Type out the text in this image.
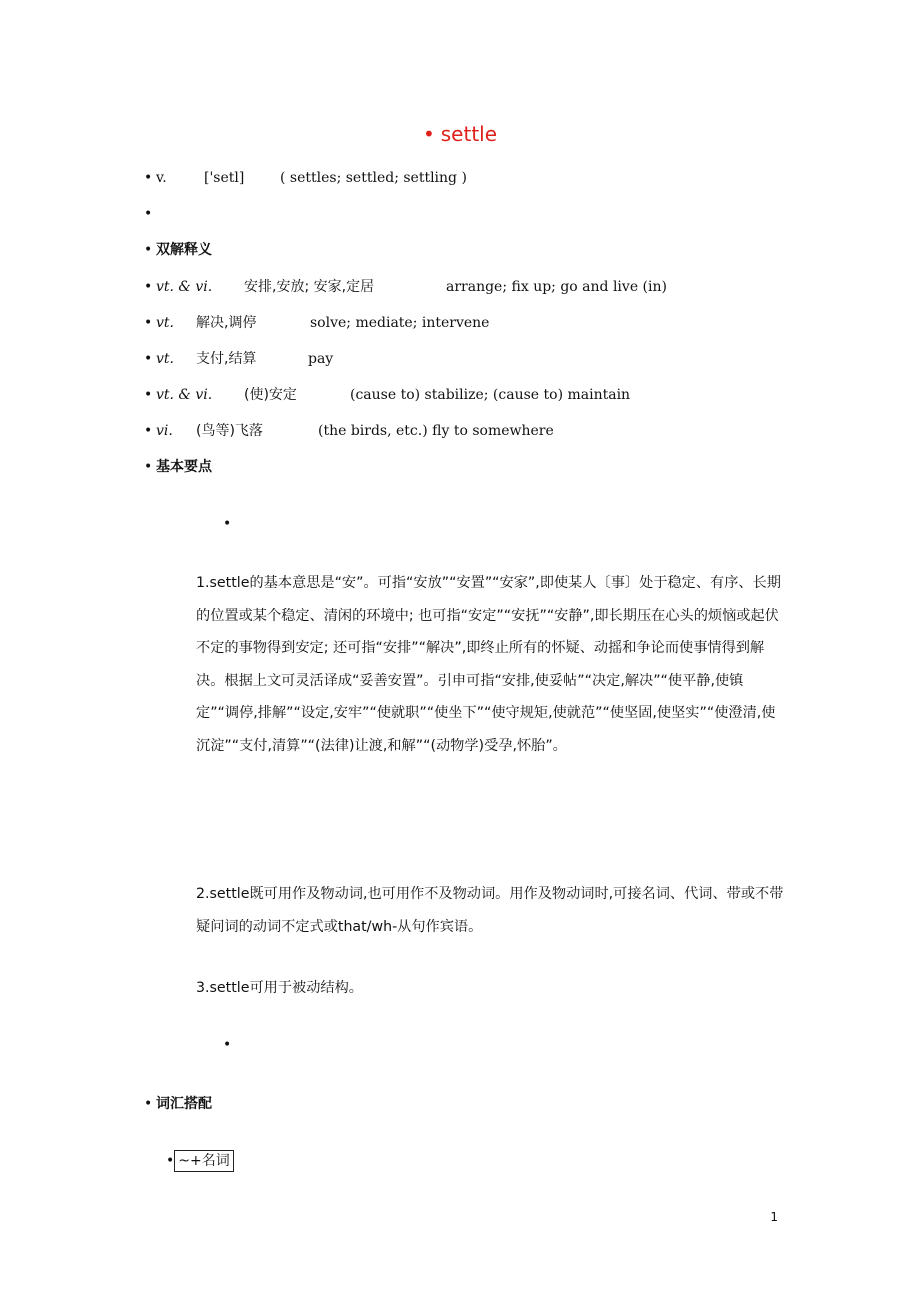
• settle
• v.	['setl]	( settles; settled; settling )
•
• 双解释义
• vt. & vi. 安排,安放; 安家,定居	arrange; fix up; go and live (in)
• vt. 解决,调停	solve; mediate; intervene
• vt. 支付,结算	pay
• vt. & vi. (使)安定	(cause to) stabilize; (cause to) maintain
• vi. (鸟等)飞落	(the birds, etc.) fly to somewhere
• 基本要点
•
1.settle的基本意思是“安”。可指“安放”“安置”“安家”,即使某人〔事〕处于稳定、有序、长期的位置或某个稳定、清闲的环境中; 也可指“安定”“安抚”“安静”,即长期压在心头的烦恼或起伏不定的事物得到安定; 还可指“安排”“解决”,即终止所有的怀疑、动摇和争论而使事情得到解决。根据上文可灵活译成“妥善安置”。引申可指“安排,使妥帖”“决定,解决”“使平静,使镇定”“调停,排解”“设定,安牢”“使就职”“使坐下”“使守规矩,使就范”“使坚固,使坚实”“使澄清,使沉淀”“支付,清算”“(法律)让渡,和解”“(动物学)受孕,怀胎”。
2.settle既可用作及物动词,也可用作不及物动词。用作及物动词时,可接名词、代词、带或不带疑问词的动词不定式或that/wh-从句作宾语。
3.settle可用于被动结构。
•
• 词汇搭配
• ~+名词
1
